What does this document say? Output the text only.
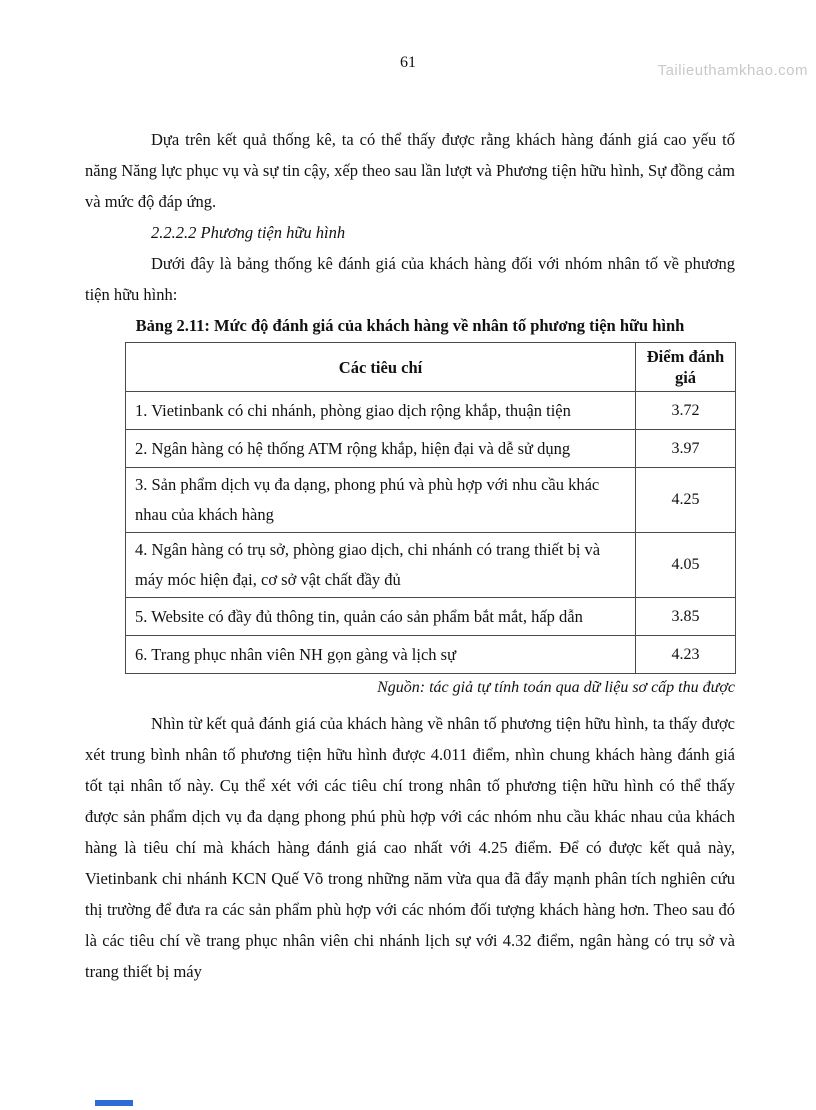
Tailieuthamkhao.com
61

Dựa trên kết quả thống kê, ta có thể thấy được rằng khách hàng đánh giá cao yếu tố năng Năng lực phục vụ và sự tin cậy, xếp theo sau lần lượt và Phương tiện hữu hình, Sự đồng cảm và mức độ đáp ứng.

2.2.2.2 Phương tiện hữu hình

Dưới đây là bảng thống kê đánh giá của khách hàng đối với nhóm nhân tố về phương tiện hữu hình:

Bảng 2.11: Mức độ đánh giá của khách hàng về nhân tố phương tiện hữu hình

Các tiêu chí	Điểm đánh giá
1. Vietinbank có chi nhánh, phòng giao dịch rộng khắp, thuận tiện	3.72
2. Ngân hàng có hệ thống ATM rộng khắp, hiện đại và dễ sử dụng	3.97
3. Sản phẩm dịch vụ đa dạng, phong phú và phù hợp với nhu cầu khác nhau của khách hàng	4.25
4. Ngân hàng có trụ sở, phòng giao dịch, chi nhánh có trang thiết bị và máy móc hiện đại, cơ sở vật chất đầy đủ	4.05
5. Website có đầy đủ thông tin, quản cáo sản phẩm bắt mắt, hấp dẫn	3.85
6. Trang phục nhân viên NH gọn gàng và lịch sự	4.23

Nguồn: tác giả tự tính toán qua dữ liệu sơ cấp thu được

Nhìn từ kết quả đánh giá của khách hàng về nhân tố phương tiện hữu hình, ta thấy được xét trung bình nhân tố phương tiện hữu hình được 4.011 điểm, nhìn chung khách hàng đánh giá tốt tại nhân tố này. Cụ thể xét với các tiêu chí trong nhân tố phương tiện hữu hình có thể thấy được sản phẩm dịch vụ đa dạng phong phú phù hợp với các nhóm nhu cầu khác nhau của khách hàng là tiêu chí mà khách hàng đánh giá cao nhất với 4.25 điểm. Để có được kết quả này, Vietinbank chi nhánh KCN Quế Võ trong những năm vừa qua đã đẩy mạnh phân tích nghiên cứu thị trường để đưa ra các sản phẩm phù hợp với các nhóm đối tượng khách hàng hơn. Theo sau đó là các tiêu chí về trang phục nhân viên chi nhánh lịch sự với 4.32 điểm, ngân hàng có trụ sở và trang thiết bị máy
